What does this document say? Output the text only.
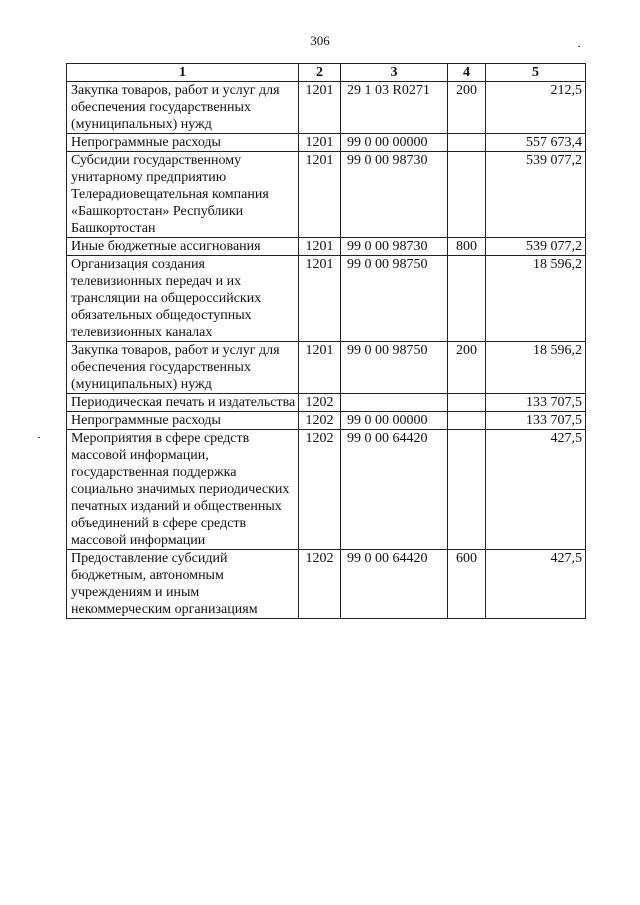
306
1	2	3	4	5
Закупка товаров, работ и услуг для обеспечения государственных (муниципальных) нужд	1201	29 1 03 R0271	200	212,5
Непрограммные расходы	1201	99 0 00 00000		557 673,4
Субсидии государственному унитарному предприятию Телерадиовещательная компания «Башкортостан» Республики Башкортостан	1201	99 0 00 98730		539 077,2
Иные бюджетные ассигнования	1201	99 0 00 98730	800	539 077,2
Организация создания телевизионных передач и их трансляции на общероссийских обязательных общедоступных телевизионных каналах	1201	99 0 00 98750		18 596,2
Закупка товаров, работ и услуг для обеспечения государственных (муниципальных) нужд	1201	99 0 00 98750	200	18 596,2
Периодическая печать и издательства	1202			133 707,5
Непрограммные расходы	1202	99 0 00 00000		133 707,5
Мероприятия в сфере средств массовой информации, государственная поддержка социально значимых периодических печатных изданий и общественных объединений в сфере средств массовой информации	1202	99 0 00 64420		427,5
Предоставление субсидий бюджетным, автономным учреждениям и иным некоммерческим организациям	1202	99 0 00 64420	600	427,5
